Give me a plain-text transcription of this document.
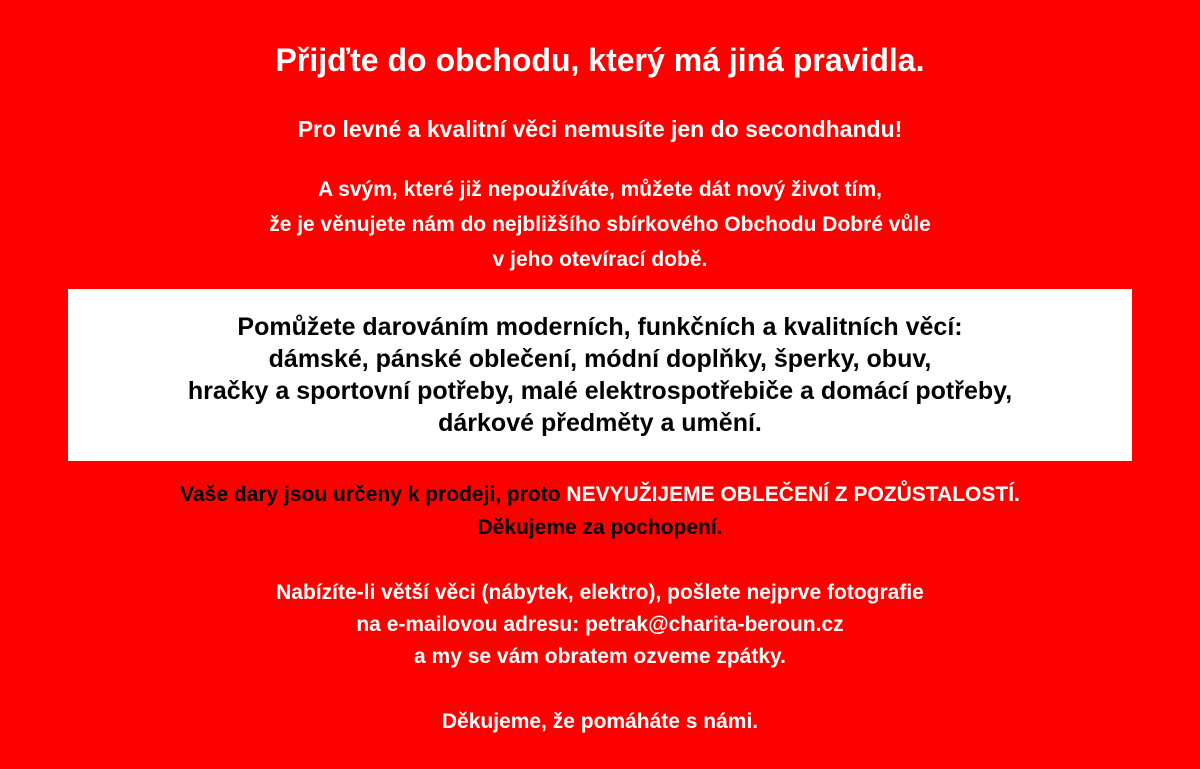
Přijďte do obchodu, který má jiná pravidla.
Pro levné a kvalitní věci nemusíte jen do secondhandu!
A svým, které již nepoužíváte, můžete dát nový život tím,
že je věnujete nám do nejbližšího sbírkového Obchodu Dobré vůle
v jeho otevírací době.
Pomůžete darováním moderních, funkčních a kvalitních věcí:
dámské, pánské oblečení, módní doplňky, šperky, obuv,
hračky a sportovní potřeby, malé elektrospotřebiče a domácí potřeby,
dárkové předměty a umění.
Vaše dary jsou určeny k prodeji, proto NEVYUŽIJEME OBLEČENÍ Z POZŮSTALOSTÍ.
Děkujeme za pochopení.
Nabízíte-li větší věci (nábytek, elektro), pošlete nejprve fotografie
na e-mailovou adresu: petrak@charita-beroun.cz
a my se vám obratem ozveme zpátky.
Děkujeme, že pomáháte s námi.
